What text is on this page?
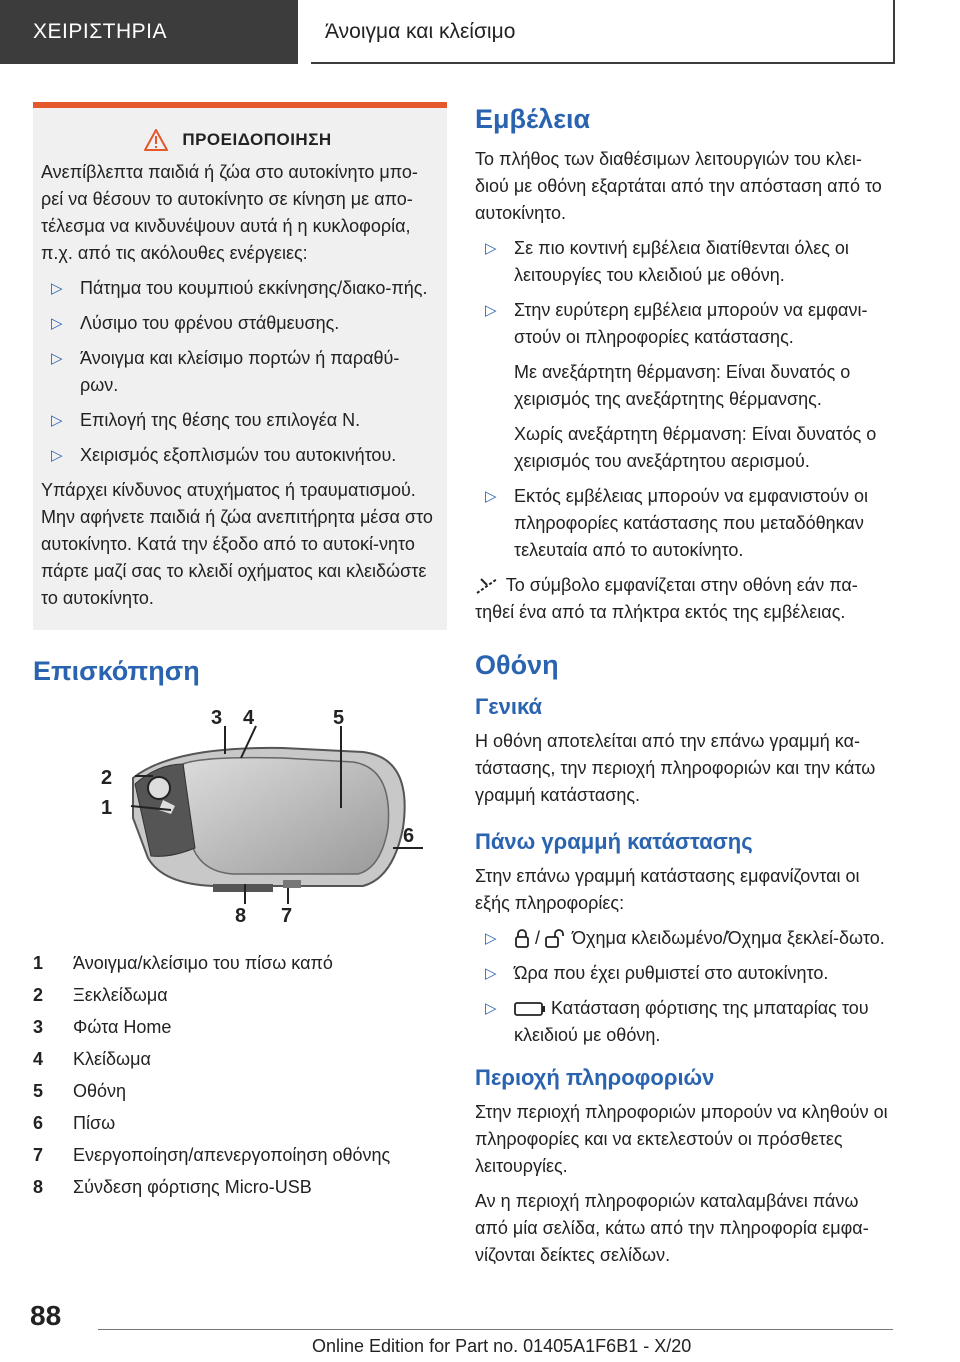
ΧΕΙΡΙΣΤΗΡΙΑ	Άνοιγμα και κλείσιμο
ΠΡΟΕΙΔΟΠΟΙΗΣΗ

Ανεπίβλεπτα παιδιά ή ζώα στο αυτοκίνητο μπο-ρεί να θέσουν το αυτοκίνητο σε κίνηση με απο-τέλεσμα να κινδυνέψουν αυτά ή η κυκλοφορία, π.χ. από τις ακόλουθες ενέργειες:

▷ Πάτημα του κουμπιού εκκίνησης/διακο-πής.
▷ Λύσιμο του φρένου στάθμευσης.
▷ Άνοιγμα και κλείσιμο πορτών ή παραθύ-ρων.
▷ Επιλογή της θέσης του επιλογέα N.
▷ Χειρισμός εξοπλισμών του αυτοκινήτου.

Υπάρχει κίνδυνος ατυχήματος ή τραυματισμού. Μην αφήνετε παιδιά ή ζώα ανεπιτήρητα μέσα στο αυτοκίνητο. Κατά την έξοδο από το αυτοκί-νητο πάρτε μαζί σας το κλειδί οχήματος και κλειδώστε το αυτοκίνητο.

Επισκόπηση
3 4	5
2
1
6
8 7
1 Άνοιγμα/κλείσιμο του πίσω καπό
2 Ξεκλείδωμα
3 Φώτα Home
4 Κλείδωμα
5 Οθόνη
6 Πίσω
7 Ενεργοποίηση/απενεργοποίηση οθόνης
8 Σύνδεση φόρτισης Micro-USB
Εμβέλεια

Το πλήθος των διαθέσιμων λειτουργιών του κλει-διού με οθόνη εξαρτάται από την απόσταση από το αυτοκίνητο.

▷ Σε πιο κοντινή εμβέλεια διατίθενται όλες οι λειτουργίες του κλειδιού με οθόνη.
▷ Στην ευρύτερη εμβέλεια μπορούν να εμφανι-στούν οι πληροφορίες κατάστασης.

Με ανεξάρτητη θέρμανση: Είναι δυνατός ο χειρισμός της ανεξάρτητης θέρμανσης.

Χωρίς ανεξάρτητη θέρμανση: Είναι δυνατός ο χειρισμός του ανεξάρτητου αερισμού.

▷ Εκτός εμβέλειας μπορούν να εμφανιστούν οι πληροφορίες κατάστασης που μεταδόθηκαν τελευταία από το αυτοκίνητο.

Το σύμβολο εμφανίζεται στην οθόνη εάν πα-τηθεί ένα από τα πλήκτρα εκτός της εμβέλειας.

Οθόνη
Γενικά

Η οθόνη αποτελείται από την επάνω γραμμή κα-τάστασης, την περιοχή πληροφοριών και την κάτω γραμμή κατάστασης.

Πάνω γραμμή κατάστασης

Στην επάνω γραμμή κατάστασης εμφανίζονται οι εξής πληροφορίες:

▷ / Όχημα κλειδωμένο/Όχημα ξεκλεί-δωτο.
▷ Ώρα που έχει ρυθμιστεί στο αυτοκίνητο.
▷	Κατάσταση φόρτισης της μπαταρίας του κλειδιού με οθόνη.
Περιοχή πληροφοριών

Στην περιοχή πληροφοριών μπορούν να κληθούν οι πληροφορίες και να εκτελεστούν οι πρόσθετες λειτουργίες.

Αν η περιοχή πληροφοριών καταλαμβάνει πάνω από μία σελίδα, κάτω από την πληροφορία εμφα-νίζονται δείκτες σελίδων.

88
Online Edition for Part no. 01405A1F6B1 - X/20
